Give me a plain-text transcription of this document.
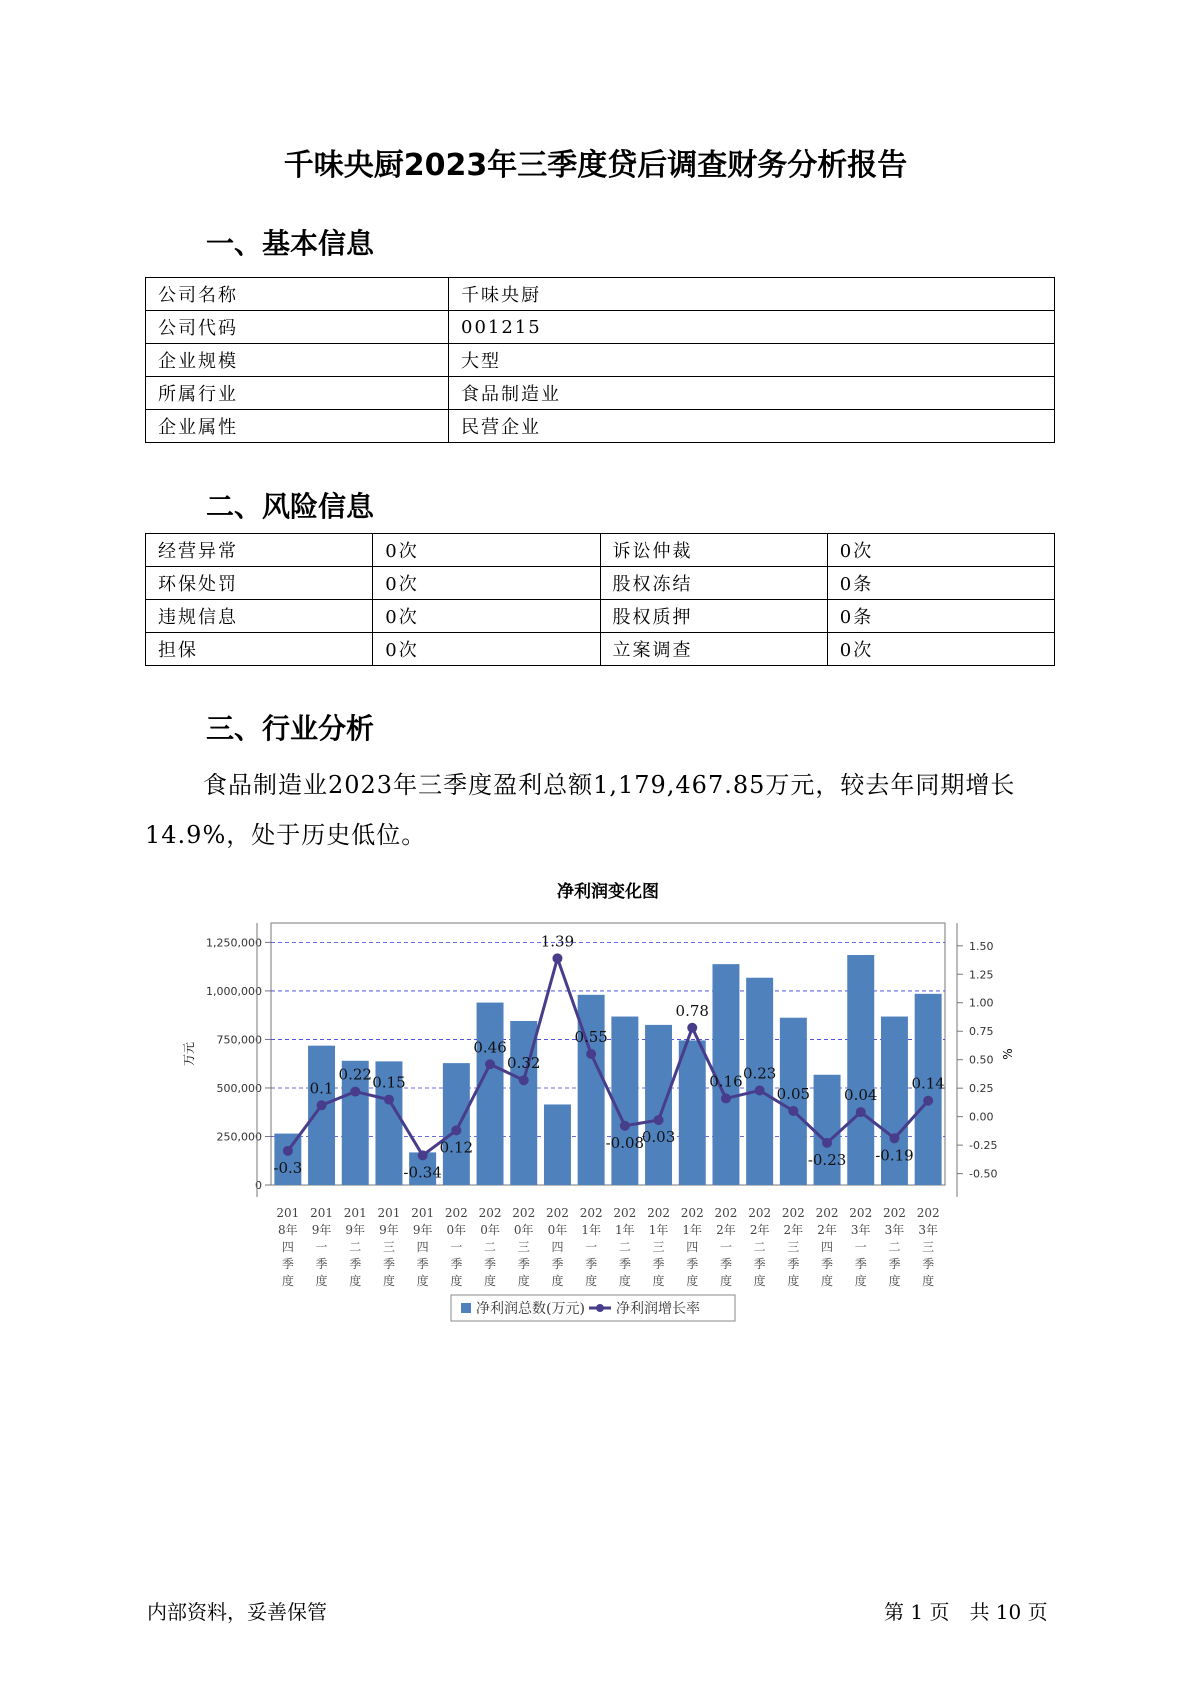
千味央厨2023年三季度贷后调查财务分析报告
一、基本信息
公司名称	千味央厨
公司代码	001215
企业规模	大型
所属行业	食品制造业
企业属性	民营企业
二、风险信息
经营异常	0次	诉讼仲裁	0次
环保处罚	0次	股权冻结	0条
违规信息	0次	股权质押	0条
担保	0次	立案调查	0次
三、行业分析
食品制造业2023年三季度盈利总额1,179,467.85万元，较去年同期增长14.9%，处于历史低位。
净利润变化图
0
250,000
500,000
750,000
1,000,000
1,250,000
-0.50
-0.25
0.00
0.25
0.50
0.75
1.00
1.25
1.50
万元	%
-0.3
0.1
0.22 0.15
-0.34
0.12
0.46
0.32
1.39
0.55
-0.08
0.03
0.78
0.16 0.23
0.05
-0.23
0.04
-0.19
0.14
201
8年
四
季
度
201
9年
一
季
度
201
9年
二
季
度
201
9年
三
季
度
201
9年
四
季
度
202
0年
一
季
度
202
0年
二
季
度
202
0年
三
季
度
202
0年
四
季
度
202
1年
一
季
度
202
1年
二
季
度
202
1年
三
季
度
202
1年
四
季
度
202
2年
一
季
度
202
2年
二
季
度
202
2年
三
季
度
202
2年
四
季
度
202
3年
一
季
度
202
3年
二
季
度
202
3年
三
季
度
净利润总数(万元) 净利润增长率
内部资料，妥善保管	第 1 页　共 10 页
